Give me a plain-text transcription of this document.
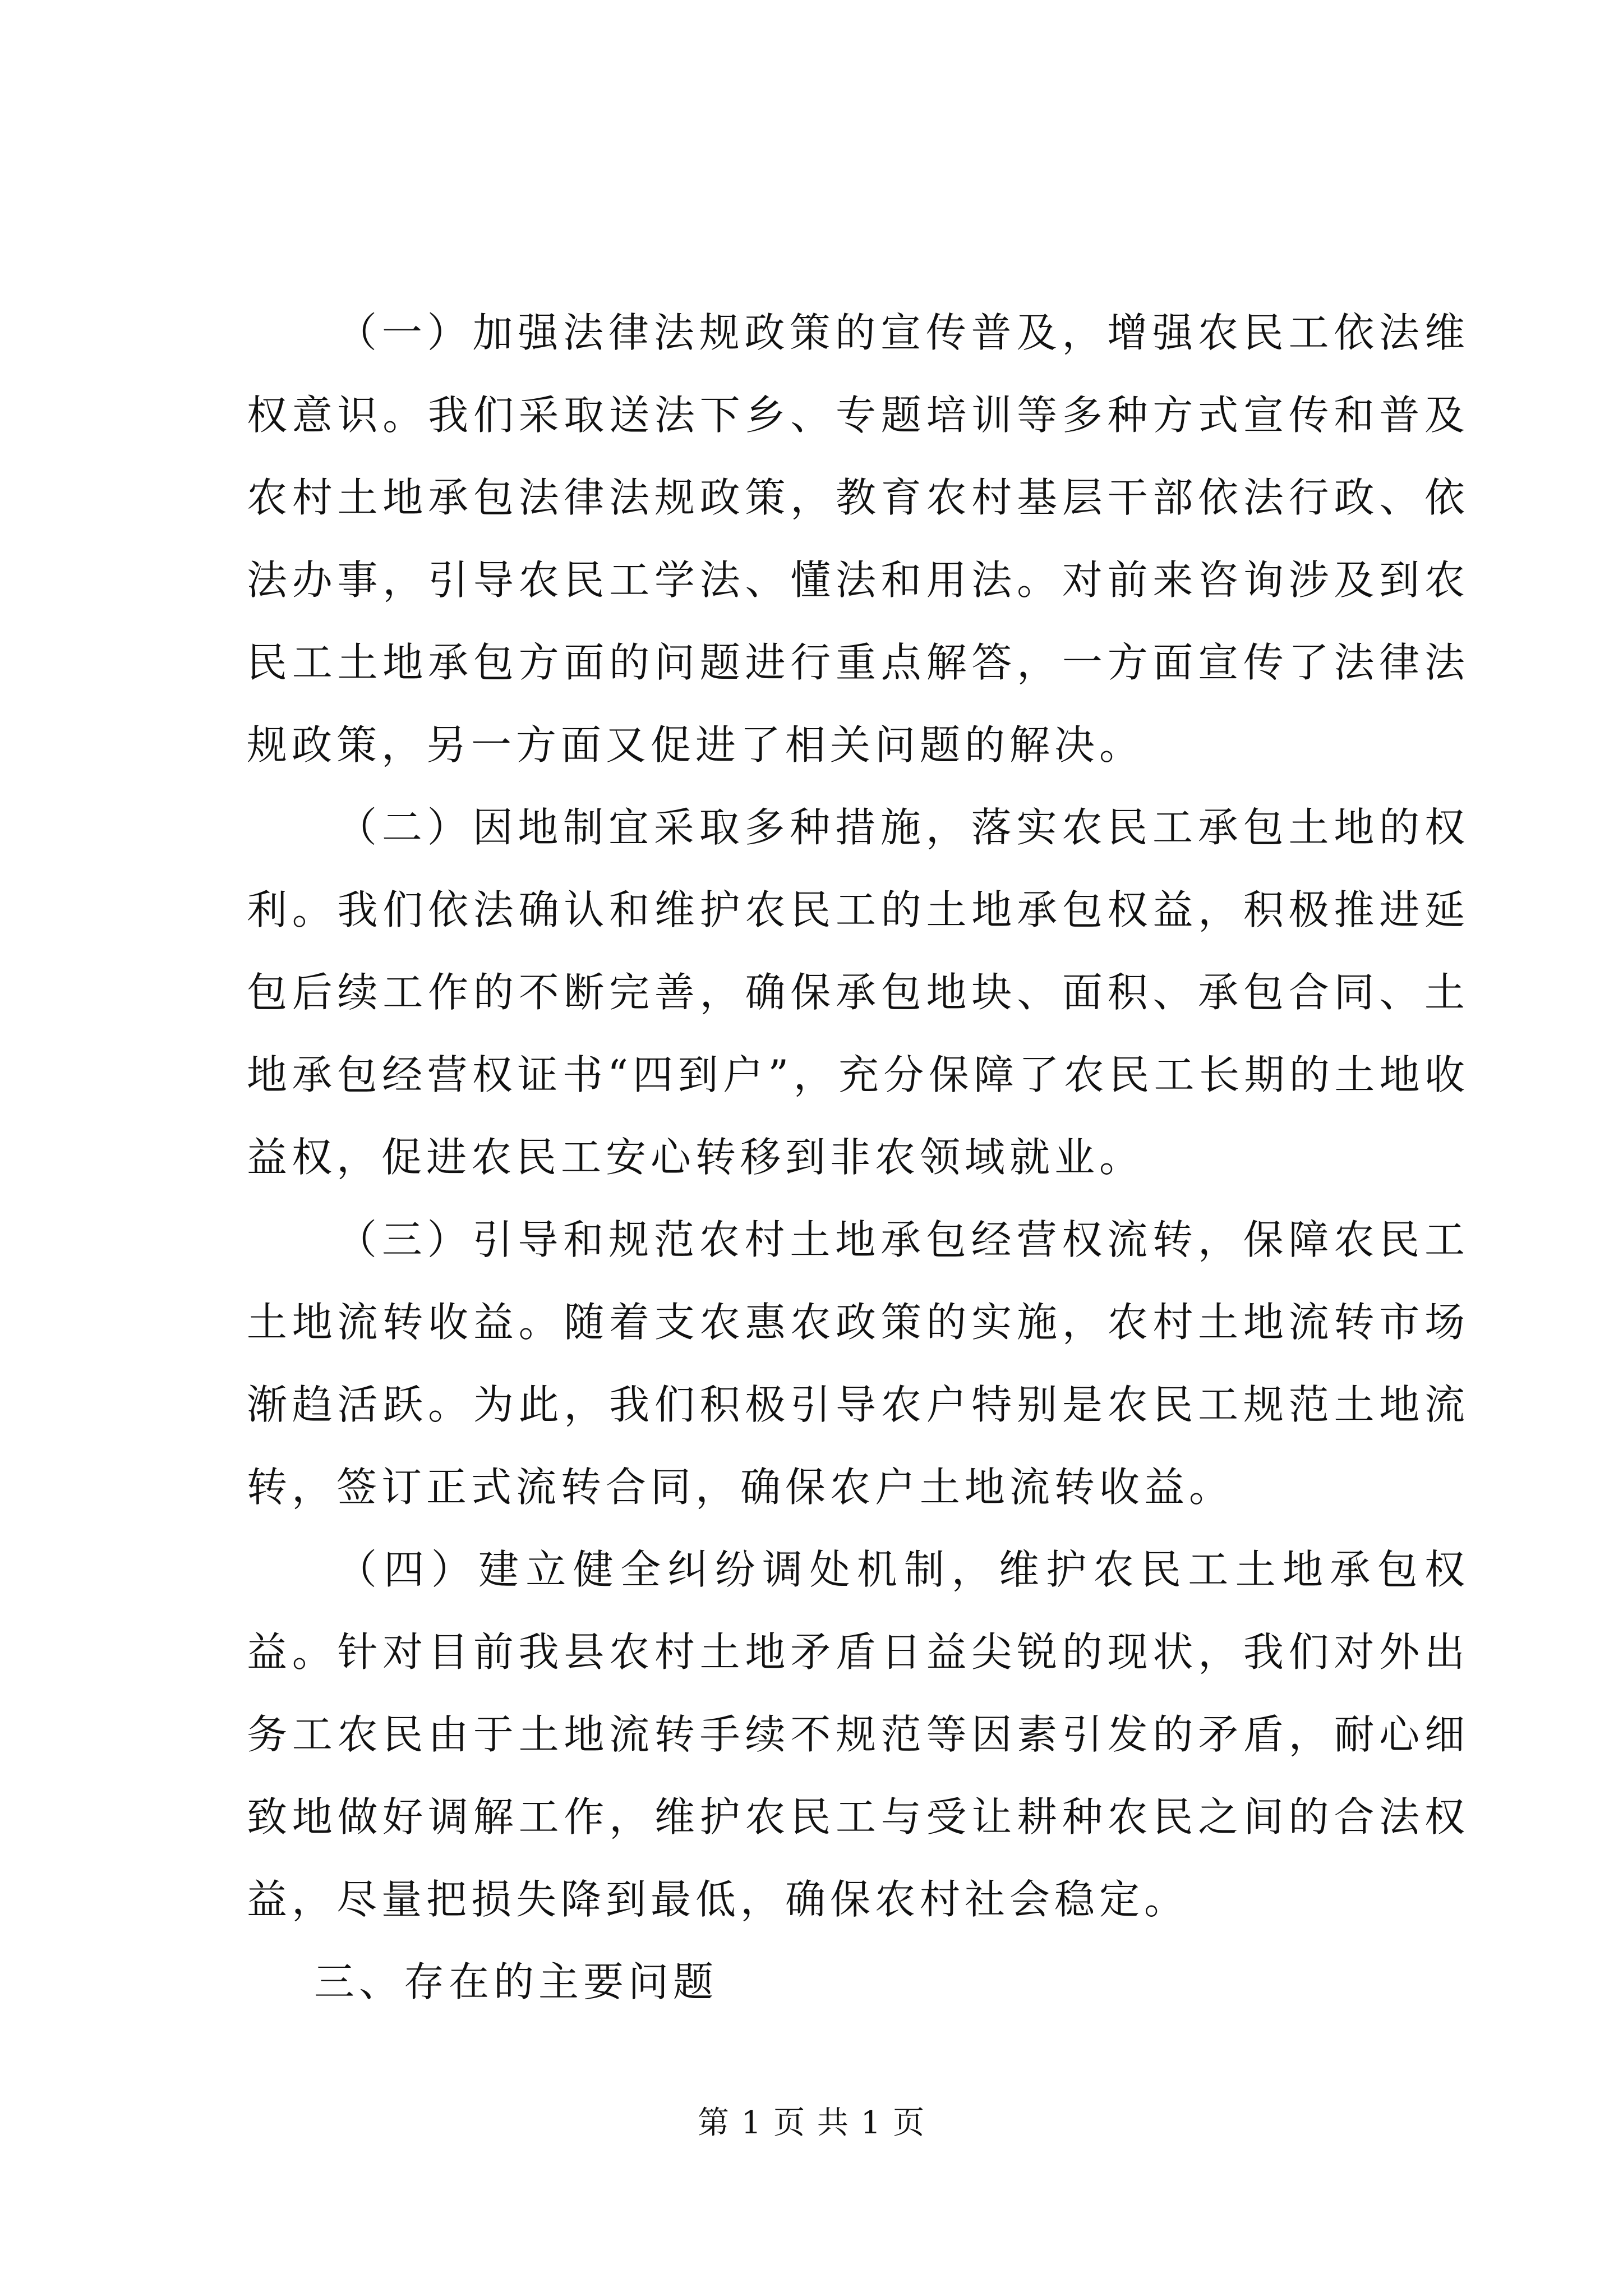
（一）加强法律法规政策的宣传普及，增强农民工依法维权意识。我们采取送法下乡、专题培训等多种方式宣传和普及农村土地承包法律法规政策，教育农村基层干部依法行政、依法办事，引导农民工学法、懂法和用法。对前来咨询涉及到农民工土地承包方面的问题进行重点解答，一方面宣传了法律法规政策，另一方面又促进了相关问题的解决。

（二）因地制宜采取多种措施，落实农民工承包土地的权利。我们依法确认和维护农民工的土地承包权益，积极推进延包后续工作的不断完善，确保承包地块、面积、承包合同、土地承包经营权证书“四到户”，充分保障了农民工长期的土地收益权，促进农民工安心转移到非农领域就业。

（三）引导和规范农村土地承包经营权流转，保障农民工土地流转收益。随着支农惠农政策的实施，农村土地流转市场渐趋活跃。为此，我们积极引导农户特别是农民工规范土地流转，签订正式流转合同，确保农户土地流转收益。

（四）建立健全纠纷调处机制，维护农民工土地承包权益。针对目前我县农村土地矛盾日益尖锐的现状，我们对外出务工农民由于土地流转手续不规范等因素引发的矛盾，耐心细致地做好调解工作，维护农民工与受让耕种农民之间的合法权益，尽量把损失降到最低，确保农村社会稳定。

三、存在的主要问题

第 1 页 共 1 页
